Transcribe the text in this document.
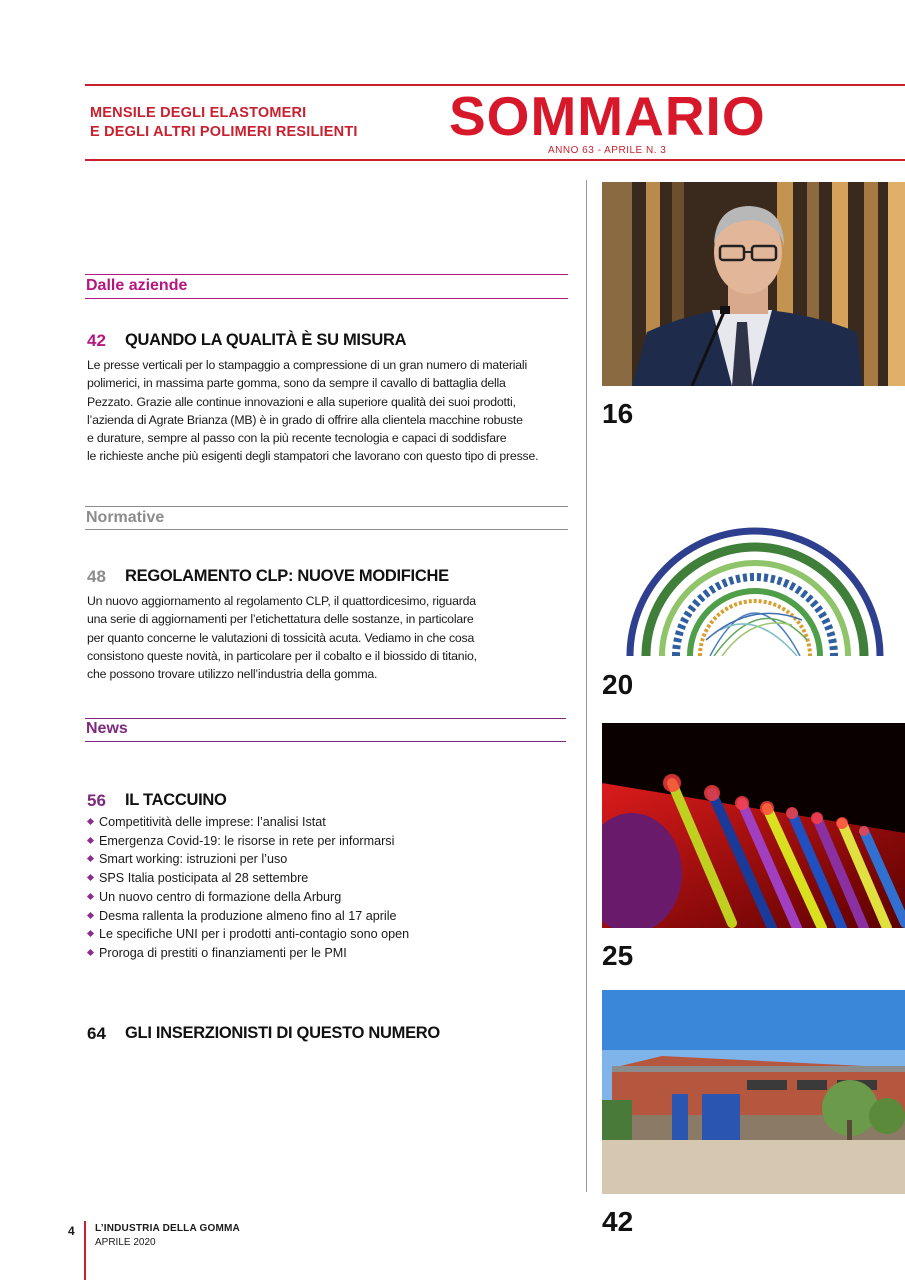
MENSILE DEGLI ELASTOMERI
E DEGLI ALTRI POLIMERI RESILIENTI	SOMMARIO
ANNO 63 - APRILE N. 3
Dalle aziende
42 QUANDO LA QUALITÀ È SU MISURA
Le presse verticali per lo stampaggio a compressione di un gran numero di materiali
polimerici, in massima parte gomma, sono da sempre il cavallo di battaglia della
Pezzato. Grazie alle continue innovazioni e alla superiore qualità dei suoi prodotti,
l’azienda di Agrate Brianza (MB) è in grado di offrire alla clientela macchine robuste
e durature, sempre al passo con la più recente tecnologia e capaci di soddisfare
le richieste anche più esigenti degli stampatori che lavorano con questo tipo di presse.
Normative
48 REGOLAMENTO CLP: NUOVE MODIFICHE
Un nuovo aggiornamento al regolamento CLP, il quattordicesimo, riguarda
una serie di aggiornamenti per l’etichettatura delle sostanze, in particolare
per quanto concerne le valutazioni di tossicità acuta. Vediamo in che cosa
consistono queste novità, in particolare per il cobalto e il biossido di titanio,
che possono trovare utilizzo nell’industria della gomma.
News
56 IL TACCUINO
Competitività delle imprese: l’analisi Istat
Emergenza Covid-19: le risorse in rete per informarsi
Smart working: istruzioni per l’uso
SPS Italia posticipata al 28 settembre
Un nuovo centro di formazione della Arburg
Desma rallenta la produzione almeno fino al 17 aprile
Le specifiche UNI per i prodotti anti-contagio sono open
Proroga di prestiti o finanziamenti per le PMI
64 GLI INSERZIONISTI DI QUESTO NUMERO
16
20
25
42
4 L’INDUSTRIA DELLA GOMMA
APRILE 2020
